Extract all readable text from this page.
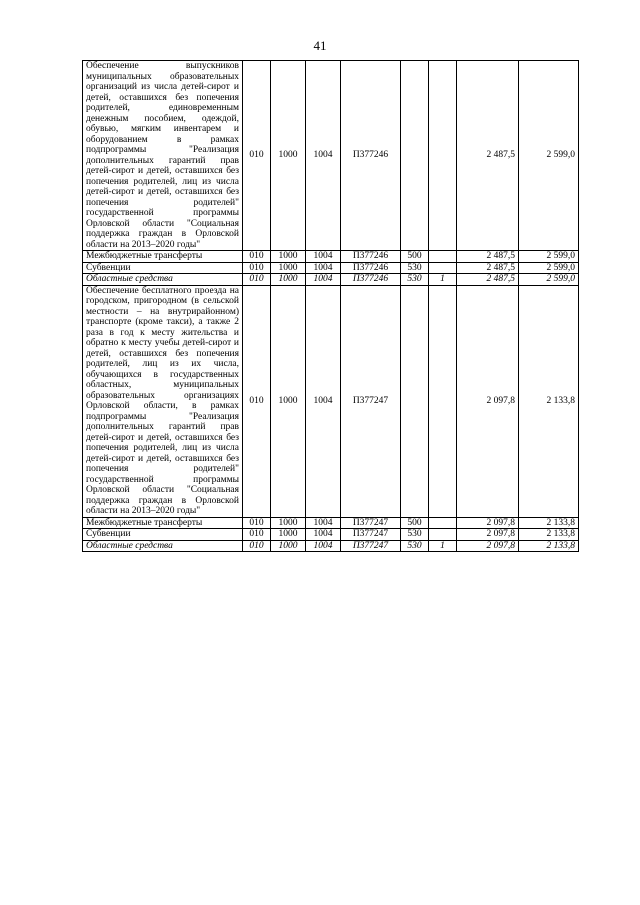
41
Обеспечение выпускников муниципальных образовательных организаций из числа детей-сирот и детей, оставшихся без попечения родителей, единовременным денежным пособием, одеждой, обувью, мягким инвентарем и оборудованием в рамках подпрограммы "Реализация дополнительных гарантий прав детей-сирот и детей, оставшихся без попечения родителей, лиц из числа детей-сирот и детей, оставшихся без попечения родителей" государственной программы Орловской области "Социальная поддержка граждан в Орловской области на 2013–2020 годы"	010	1000	1004	П377246			2 487,5	2 599,0
Межбюджетные трансферты	010	1000	1004	П377246	500		2 487,5	2 599,0
Субвенции	010	1000	1004	П377246	530		2 487,5	2 599,0
Областные средства	010	1000	1004	П377246	530	1	2 487,5	2 599,0
Обеспечение бесплатного проезда на городском, пригородном (в сельской местности – на внутрирайонном) транспорте (кроме такси), а также 2 раза в год к месту жительства и обратно к месту учебы детей-сирот и детей, оставшихся без попечения родителей, лиц из их числа, обучающихся в государственных областных, муниципальных образовательных организациях Орловской области, в рамках подпрограммы "Реализация дополнительных гарантий прав детей-сирот и детей, оставшихся без попечения родителей, лиц из числа детей-сирот и детей, оставшихся без попечения родителей" государственной программы Орловской области "Социальная поддержка граждан в Орловской области на 2013–2020 годы"	010	1000	1004	П377247			2 097,8	2 133,8
Межбюджетные трансферты	010	1000	1004	П377247	500		2 097,8	2 133,8
Субвенции	010	1000	1004	П377247	530		2 097,8	2 133,8
Областные средства	010	1000	1004	П377247	530	1	2 097,8	2 133,8
